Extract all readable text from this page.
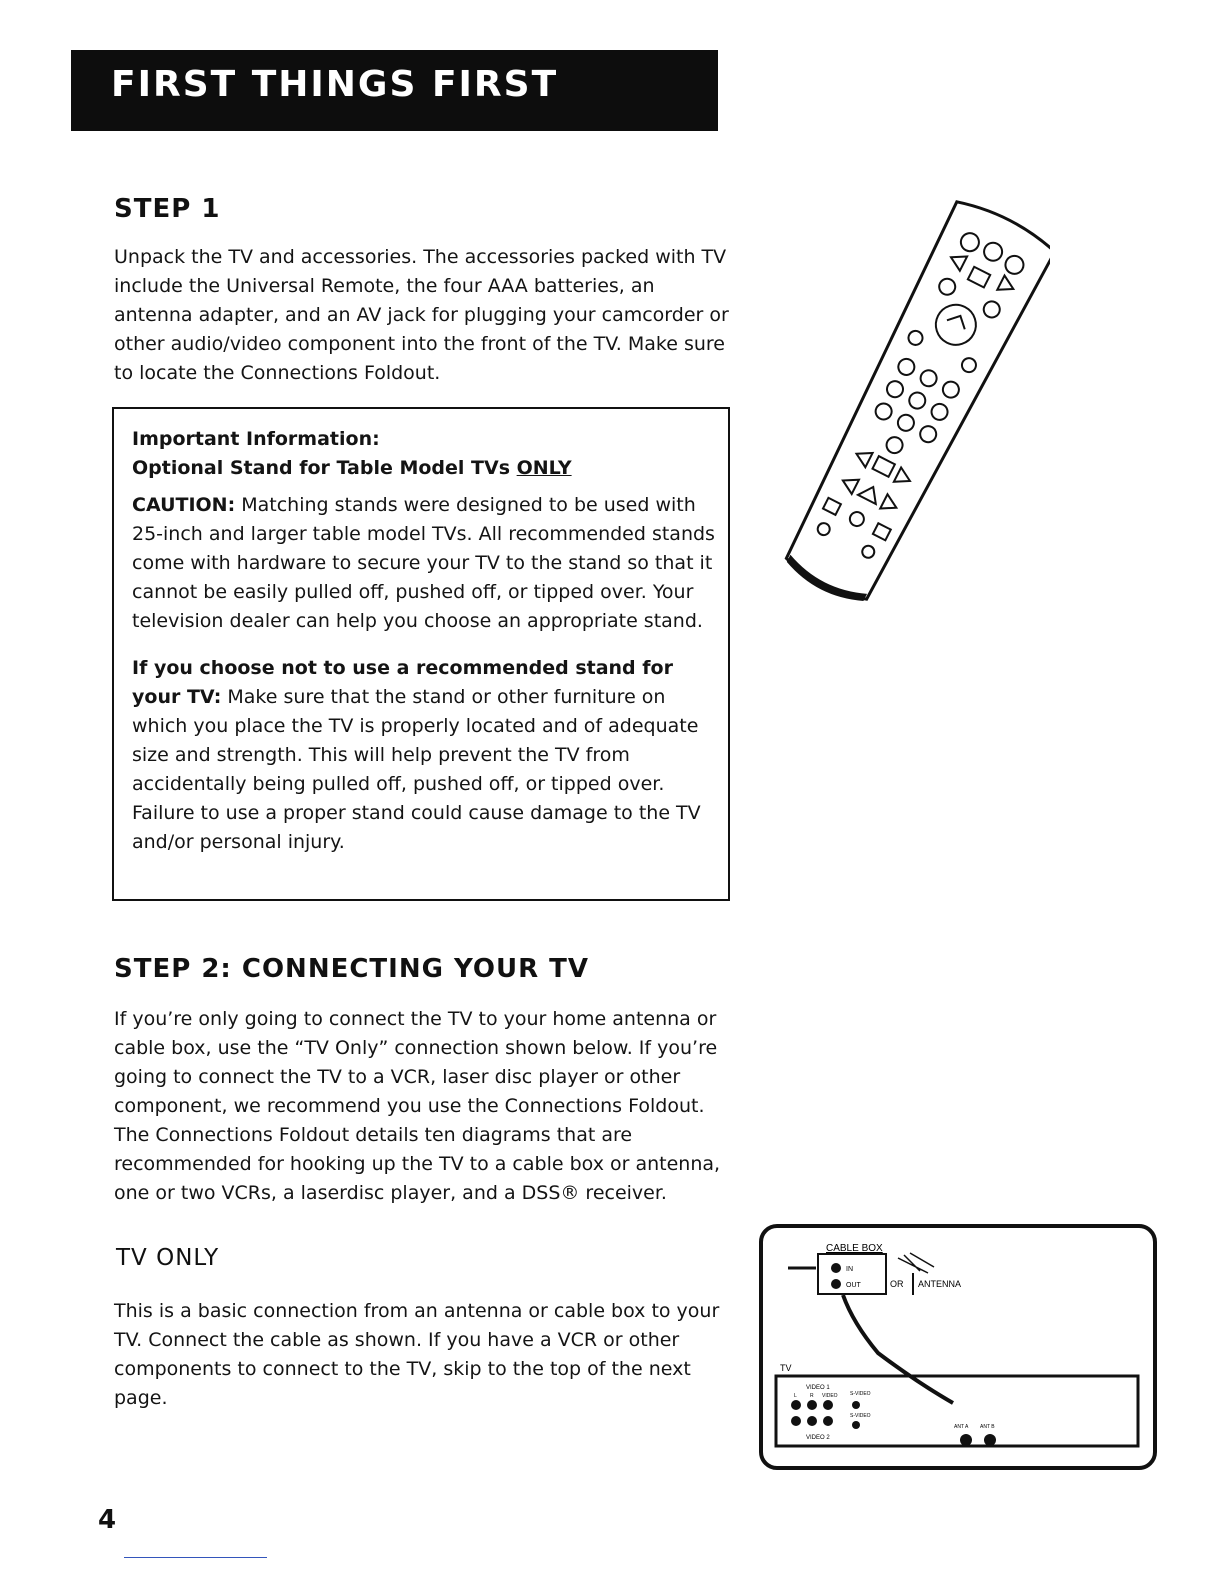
FIRST THINGS FIRST
STEP 1

Unpack the TV and accessories. The accessories packed with TV include the Universal Remote, the four AAA batteries, an antenna adapter, and an AV jack for plugging your camcorder or other audio/video component into the front of the TV. Make sure to locate the Connections Foldout.

Important Information:

Optional Stand for Table Model TVs ONLY

CAUTION: Matching stands were designed to be used with 25-inch and larger table model TVs. All recommended stands come with hardware to secure your TV to the stand so that it cannot be easily pulled off, pushed off, or tipped over. Your television dealer can help you choose an appropriate stand.

If you choose not to use a recommended stand for your TV: Make sure that the stand or other furniture on which you place the TV is properly located and of adequate size and strength. This will help prevent the TV from accidentally being pulled off, pushed off, or tipped over. Failure to use a proper stand could cause damage to the TV and/or personal injury.

STEP 2: CONNECTING YOUR TV

If you’re only going to connect the TV to your home antenna or cable box, use the “TV Only” connection shown below. If you’re going to connect the TV to a VCR, laser disc player or other component, we recommend you use the Connections Foldout. The Connections Foldout details ten diagrams that are recommended for hooking up the TV to a cable box or antenna, one or two VCRs, a laserdisc player, and a DSS® receiver.

TV ONLY

This is a basic connection from an antenna or cable box to your TV. Connect the cable as shown. If you have a VCR or other components to connect to the TV, skip to the top of the next page.

CABLE BOX
IN
OUT	OR ANTENNA
TV
VIDEO 1
L	R VIDEO S-VIDEO
S-VIDEO
VIDEO 2
ANT A ANT B
4
